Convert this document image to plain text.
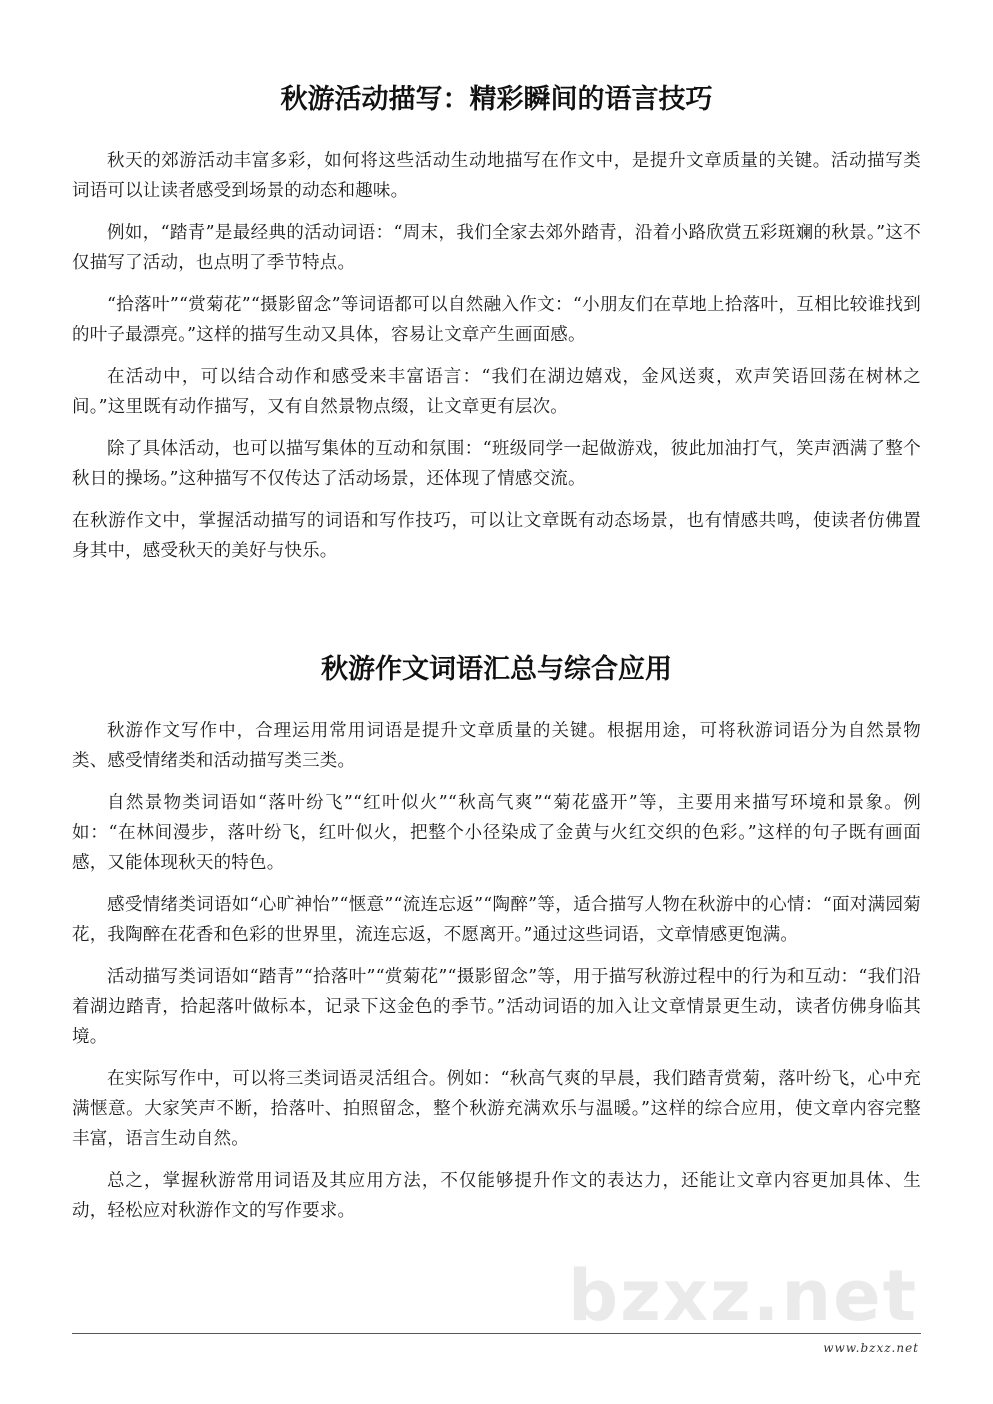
秋游活动描写：精彩瞬间的语言技巧

秋天的郊游活动丰富多彩，如何将这些活动生动地描写在作文中，是提升文章质量的关键。活动描写类词语可以让读者感受到场景的动态和趣味。

例如，“踏青”是最经典的活动词语：“周末，我们全家去郊外踏青，沿着小路欣赏五彩斑斓的秋景。”这不仅描写了活动，也点明了季节特点。

“拾落叶”“赏菊花”“摄影留念”等词语都可以自然融入作文：“小朋友们在草地上拾落叶，互相比较谁找到的叶子最漂亮。”这样的描写生动又具体，容易让文章产生画面感。

在活动中，可以结合动作和感受来丰富语言：“我们在湖边嬉戏，金风送爽，欢声笑语回荡在树林之间。”这里既有动作描写，又有自然景物点缀，让文章更有层次。

除了具体活动，也可以描写集体的互动和氛围：“班级同学一起做游戏，彼此加油打气，笑声洒满了整个秋日的操场。”这种描写不仅传达了活动场景，还体现了情感交流。

在秋游作文中，掌握活动描写的词语和写作技巧，可以让文章既有动态场景，也有情感共鸣，使读者仿佛置身其中，感受秋天的美好与快乐。

秋游作文词语汇总与综合应用

秋游作文写作中，合理运用常用词语是提升文章质量的关键。根据用途，可将秋游词语分为自然景物类、感受情绪类和活动描写类三类。

自然景物类词语如“落叶纷飞”“红叶似火”“秋高气爽”“菊花盛开”等，主要用来描写环境和景象。例如：“在林间漫步，落叶纷飞，红叶似火，把整个小径染成了金黄与火红交织的色彩。”这样的句子既有画面感，又能体现秋天的特色。

感受情绪类词语如“心旷神怡”“惬意”“流连忘返”“陶醉”等，适合描写人物在秋游中的心情：“面对满园菊花，我陶醉在花香和色彩的世界里，流连忘返，不愿离开。”通过这些词语，文章情感更饱满。

活动描写类词语如“踏青”“拾落叶”“赏菊花”“摄影留念”等，用于描写秋游过程中的行为和互动：“我们沿着湖边踏青，拾起落叶做标本，记录下这金色的季节。”活动词语的加入让文章情景更生动，读者仿佛身临其境。

在实际写作中，可以将三类词语灵活组合。例如：“秋高气爽的早晨，我们踏青赏菊，落叶纷飞，心中充满惬意。大家笑声不断，拾落叶、拍照留念，整个秋游充满欢乐与温暖。”这样的综合应用，使文章内容完整丰富，语言生动自然。

总之，掌握秋游常用词语及其应用方法，不仅能够提升作文的表达力，还能让文章内容更加具体、生动，轻松应对秋游作文的写作要求。

bzxz.net
www.bzxz.net
